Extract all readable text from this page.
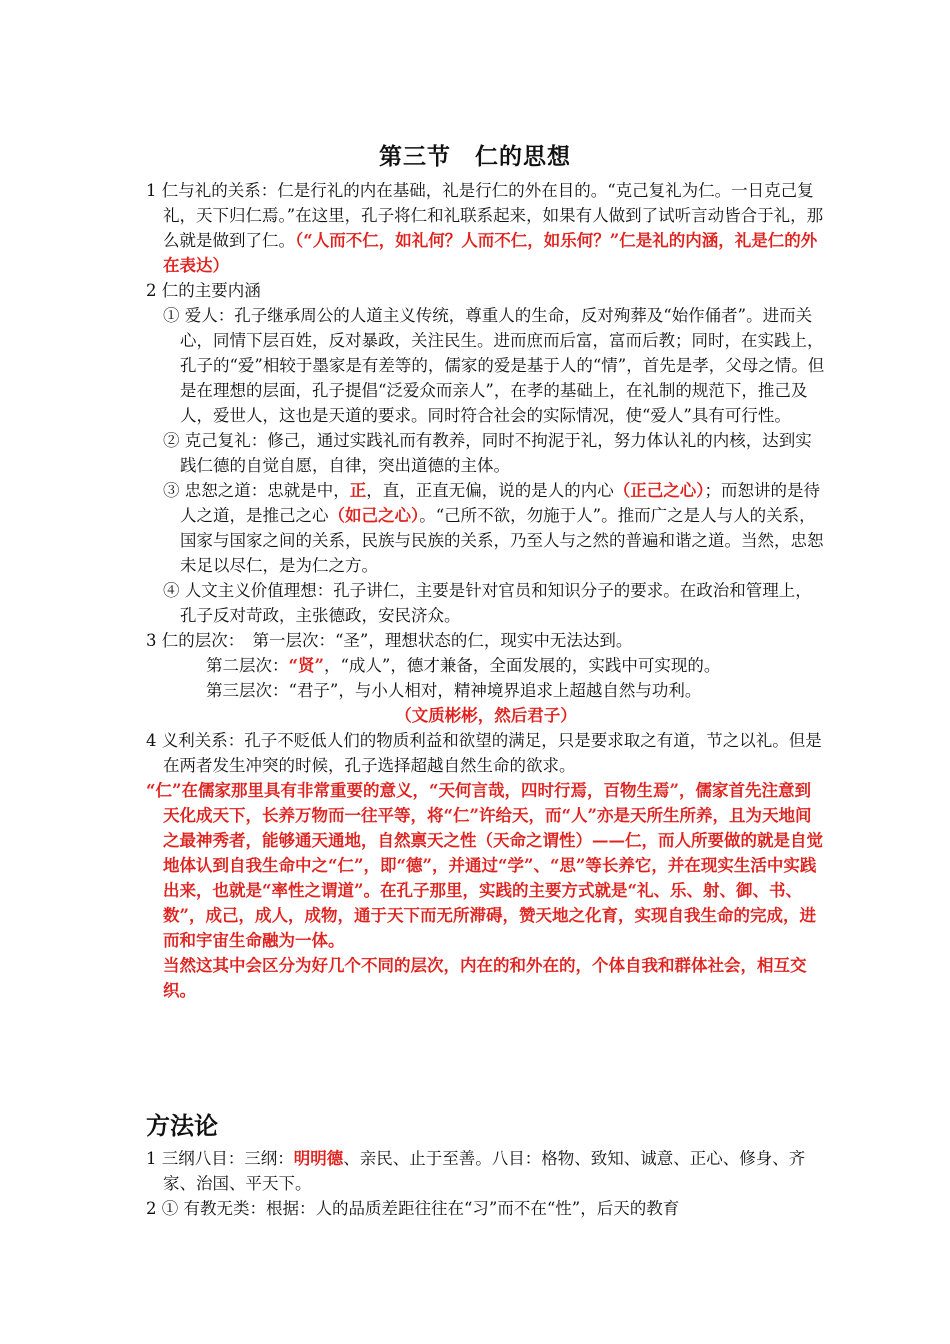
第三节　仁的思想

1 仁与礼的关系：仁是行礼的内在基础，礼是行仁的外在目的。“克己复礼为仁。一日克己复礼，天下归仁焉。”在这里，孔子将仁和礼联系起来，如果有人做到了试听言动皆合于礼，那么就是做到了仁。（“人而不仁，如礼何？人而不仁，如乐何？”仁是礼的内涵，礼是仁的外在表达）

2 仁的主要内涵

① 爱人：孔子继承周公的人道主义传统，尊重人的生命，反对殉葬及“始作俑者”。进而关心，同情下层百姓，反对暴政，关注民生。进而庶而后富，富而后教；同时，在实践上，孔子的“爱”相较于墨家是有差等的，儒家的爱是基于人的“情”，首先是孝，父母之情。但是在理想的层面，孔子提倡“泛爱众而亲人”，在孝的基础上，在礼制的规范下，推己及人，爱世人，这也是天道的要求。同时符合社会的实际情况，使“爱人”具有可行性。

② 克己复礼：修己，通过实践礼而有教养，同时不拘泥于礼，努力体认礼的内核，达到实践仁德的自觉自愿，自律，突出道德的主体。

③ 忠恕之道：忠就是中，正，直，正直无偏，说的是人的内心（正己之心）；而恕讲的是待人之道，是推己之心（如己之心）。“己所不欲，勿施于人”。推而广之是人与人的关系，国家与国家之间的关系，民族与民族的关系，乃至人与之然的普遍和谐之道。当然，忠恕未足以尽仁，是为仁之方。

④ 人文主义价值理想：孔子讲仁，主要是针对官员和知识分子的要求。在政治和管理上，孔子反对苛政，主张德政，安民济众。

3 仁的层次：　第一层次：“圣”，理想状态的仁，现实中无法达到。

第二层次：“贤”，“成人”，德才兼备，全面发展的，实践中可实现的。

第三层次：“君子”，与小人相对，精神境界追求上超越自然与功利。

（文质彬彬，然后君子）

4 义利关系：孔子不贬低人们的物质利益和欲望的满足，只是要求取之有道，节之以礼。但是在两者发生冲突的时候，孔子选择超越自然生命的欲求。

“仁”在儒家那里具有非常重要的意义，“天何言哉，四时行焉，百物生焉”，儒家首先注意到天化成天下，长养万物而一往平等，将“仁”许给天，而“人”亦是天所生所养，且为天地间之最神秀者，能够通天通地，自然禀天之性（天命之谓性）——仁，而人所要做的就是自觉地体认到自我生命中之“仁”，即“德”，并通过“学”、“思”等长养它，并在现实生活中实践出来，也就是“率性之谓道”。在孔子那里，实践的主要方式就是“礼、乐、射、御、书、数”，成己，成人，成物，通于天下而无所滞碍，赞天地之化育，实现自我生命的完成，进而和宇宙生命融为一体。

当然这其中会区分为好几个不同的层次，内在的和外在的，个体自我和群体社会，相互交织。

方法论

1 三纲八目：三纲：明明德、亲民、止于至善。八目：格物、致知、诚意、正心、修身、齐家、治国、平天下。

2 ① 有教无类：根据：人的品质差距往往在“习”而不在“性”，后天的教育
